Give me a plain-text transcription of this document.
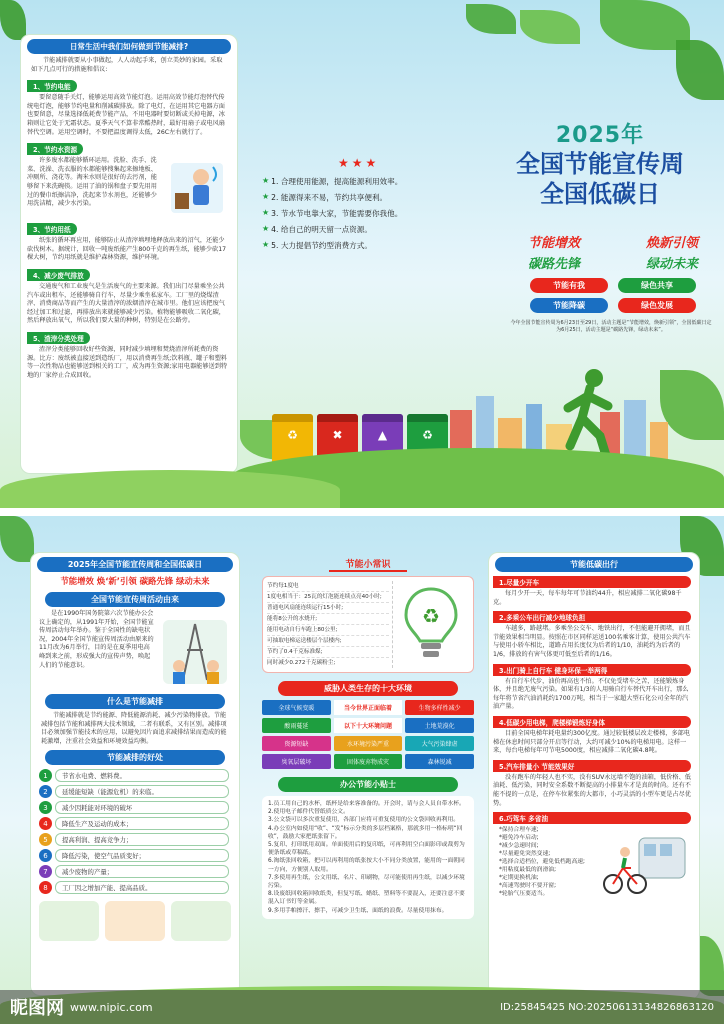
日常生活中我们如何做到节能减排?
节能减排就要从小事做起，人人动起手来，创立美妙的家园。采取如下几点可行的措施和倡议:
1、节约电能
要留意随手关灯，能够运用高效节能灯泡。运用高效节能灯泡替代传统电灯泡，能够节约电量和削减碳排放。除了电灯，在运用其它电器方面也要留意，尽量选择低耗费节能产品，不用电器时要切断或关掉电源，冰箱则让它处于无霜状态。夏季天气不算非常酷热时，最好用扇子或电风扇替代空调。运用空调时，不要把温度调得太低，26C左右就行了。
2、节约水资源
许多废水都能够循环运用。洗脸、洗手、洗菜、洗澡、洗衣服的水都能够搜集起来擦地板、冲厕所、浇花等。淘米水则是很好的去污剂，能够留下来洗碗筷。运用了油的锅和盘子要先用用过的餐巾纸擦洁净，洗起来节水剂也，还能够少用洗洁精，减少水污染。
3、节约用纸
纸张的循环再应用，能够防止从渣滓填埋地释放出来的沼气，还能少砍伐树木。据统计，回收一吨废纸能产生800千克的再生纸，能够少砍17棵大树，节约用纸就是维护森林资源，维护环境。
4、减少废气排放
交通废气和工业废气是生活废气的主要来源。我们出门尽量乘坐公共汽车或出租车，还能够骑自行车，尽量少乘坐私家车。工厂里的烧煤渣滓、消费商品等而产生的大量渣滓的浓烟渣滓在城市里。他们应该把废气经过加工和过滤，再排放出来就能够减少污染。植物能够吸收二氧化碳，然后释放出氧气，所以我们要大量的种树，特别是在公路旁。
5、渣滓分类处理
渣滓分类能够回收好些资源，同时减少填埋和焚烧渣滓所耗费的资源。比方：废纸被直接送到造纸厂，用以消费再生纸;饮料瓶、罐子和塑料等一次性物品也能够送到相关的工厂，成为再生资源;家用电器能够送到特地的厂家停止合成回收。
★★★
★ 1. 合理使用能源，提高能源利用效率。
★ 2. 能源得来不易，节约共享便利。
★ 3. 节水节电靠大家，节能需要你我他。
★ 4. 给自己的明天留一点资源。
★ 5. 大力提倡节约型消费方式。
♻	✖	▲	♻
2025年
全国节能宣传周
全国低碳日
节能增效	焕新引领
碳路先锋	绿动未来
节能有我	绿色共享
节能降碳	绿色发展
今年全国节能宣传周为6月23日至29日，活动主题是“节能增效，焕新引领”，全国低碳日定为6月25日，活动主题是“碳路先锋，绿动未来”。
2025年全国节能宣传周和全国低碳日
节能增效 焕‘新’引领 碳路先锋 绿动未来
全国节能宣传周活动由来
是在1990年国务院第六次节能办公会议上确定的，从1991年开始，全国节能宣传周活动每年举办。鉴于全国性的缺电状况，2004年全国节能宣传周活动由原来的11月改为6月举行，目的是在夏季用电高峰到来之前，形成强大的宣传声势，唤起人们的节能意识。
什么是节能减排
节能减排就是节约能源、降低能源消耗、减少污染物排放。节能减排包括节能和减排两大技术领域，二者有联系，又有区别。减排项目必须加强节能技术的应用，以避免因片面追求减排结果而造成的能耗激增，注重社会效益和环境效益均衡。
节能减排的好处
1	节省水电费、燃料费。
2	延缓能短缺（能源危机）的来临。
3	减少因耗能对环境的破坏
4	降低生产及运动的成本；
5	提高利润、提高竞争力；
6	降低污染，使空气品质变好；
7	减少废物的产量；
8	工厂因之增加产能、提高品质。
节能小常识
节约每1度电
1度电相当于：25瓦的灯泡能连续点亮40小时;
普通电风扇能连续运行15小时;
能将8公升的水烧开;
能用电动自行车跑上80公里;
可抽取电梯运送楼层个层楼内;
节约了0.4千克标准煤;
同时减少0.272千克碳粉尘;
♻
威胁人类生存的十大环境
全球气候变暖	当今世界正面临着	生物多样性减少
酸雨蔓延	以下十大环境问题	土地荒漠化
资源短缺	水环境污染严重	大气污染肆虐
臭氧层破坏	固体废弃物成灾	森林锐减
办公节能小贴士
1.员工用自己的水杯，纸杯是给来客准备的。开会时，请与会人员自带水杯。
2.使用电子邮件代替纸质公文。
3.公文袋可以多次重复使用，各部门应将可重复使用的公文袋回收再利用。
4.办公室内如使用“收”、“发”标示分类的多层档案格，那就多用一格标明“回收”，鼓励大家把纸张留下。
5.复印、打印纸用双面。单面使用后的复印纸，可再利用空白面影印或裁剪为便条纸或草稿纸。
6.淘纸张回收箱，把可以再利用的纸张按大小不同分类放置，能用的一面朝同一方向，方便别人取用。
7.多使用再生纸，公文用纸、名片、印刷物，尽可能使用再生纸，以减少环境污染。
8.设废纸回收箱回收纸类，但复写纸、蜡纸、塑料等不要混入，还要注意不要混入订书钉等金属。
9.多用手帕擦汗、擦手，可减少卫生纸、面纸的浪费。尽量使用抹布。
节能低碳出行
1.尽量少开车
每月少开一天，每车每年可节油约44升，相应减排二氧化碳98千克。
2.多乘公车出行减少地球负担
车越多，路越堵。多乘坐公交车、地铁出行，不但能避开拥堵，而且节能效果相当明显。按照在市区同样运送100名乘客计算，使用公共汽车与使用小轿车相比，道路占用长度仅为后者的1/10，油耗约为后者的1/6，排放的有害气体更可低至后者的1/16。
3.出门骑上自行车 健身环保一举两得
有自行车代步，油价再高也不怕。不仅免受堵车之苦，还能锻炼身体，并且绝无废气污染。如果有1/3的人用骑自行车替代开车出行，那么每年将节省汽油消耗约1700万吨，相当于一家超大型石化公司全年的汽油产量。
4.低碳少用电梯，爬楼梯锻炼好身体
目前全国电梯年耗电量约300亿度。通过较低楼层改走楼梯，多部电梯在休息时间只部分开启等行动，大约可减少10%的电梯用电。这样一来，每台电梯每年可节电5000度，相应减排二氧化碳4.8吨。
5.汽车排量小 节能效果好
没有跑车的年轻人也不实，没有SUV永远墙不饱的油箱，低价格、低油耗、低污染，同时安全系数不断提高的小排量车才是真的时尚。还有不能不提的一点是，在停车位紧张的大都市，小巧灵活的小型车更是占尽优势。
6.巧驾车 多省油
*保持合理车速;
*避免冷车启动;
*减少急速时间;
*尽量避免突然变速;
*选择合适档位，避免低档跑高速;
*用粘度最低的润滑油;
*定期更换机油;
*高速驾驶时不要开窗;
*轮胎气压要适当。
昵图网 www.nipic.com	ID:25845425 NO:20250613134826863120
